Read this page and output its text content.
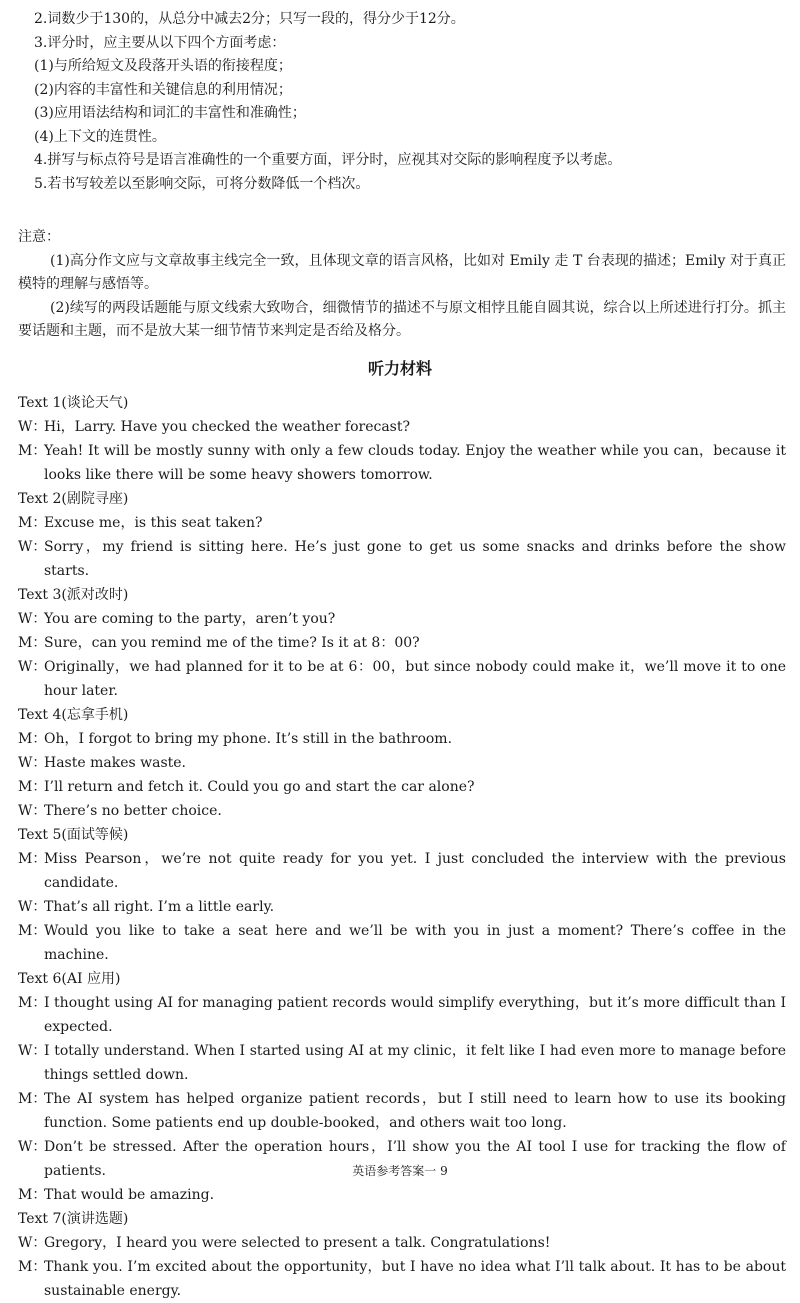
2.词数少于130的，从总分中减去2分；只写一段的，得分少于12分。
3.评分时，应主要从以下四个方面考虑：
(1)与所给短文及段落开头语的衔接程度；
(2)内容的丰富性和关键信息的利用情况；
(3)应用语法结构和词汇的丰富性和准确性；
(4)上下文的连贯性。
4.拼写与标点符号是语言准确性的一个重要方面，评分时，应视其对交际的影响程度予以考虑。
5.若书写较差以至影响交际，可将分数降低一个档次。
注意：
(1)高分作文应与文章故事主线完全一致，且体现文章的语言风格，比如对 Emily 走 T 台表现的描述；Emily 对于真正模特的理解与感悟等。
(2)续写的两段话题能与原文线索大致吻合，细微情节的描述不与原文相悖且能自圆其说，综合以上所述进行打分。抓主要话题和主题，而不是放大某一细节情节来判定是否给及格分。
听力材料
Text 1(谈论天气)
W：
Hi，Larry. Have you checked the weather forecast?
M：
Yeah! It will be mostly sunny with only a few clouds today. Enjoy the weather while you can，because it looks like there will be some heavy showers tomorrow.
Text 2(剧院寻座)
M：
Excuse me，is this seat taken?
W：
Sorry，my friend is sitting here. He’s just gone to get us some snacks and drinks before the show starts.
Text 3(派对改时)
W：
You are coming to the party，aren’t you?
M：
Sure，can you remind me of the time? Is it at 8：00?
W：
Originally，we had planned for it to be at 6：00，but since nobody could make it，we’ll move it to one hour later.
Text 4(忘拿手机)
M：
Oh，I forgot to bring my phone. It’s still in the bathroom.
W：
Haste makes waste.
M：
I’ll return and fetch it. Could you go and start the car alone?
W：
There’s no better choice.
Text 5(面试等候)
M：
Miss Pearson，we’re not quite ready for you yet. I just concluded the interview with the previous candidate.
W：
That’s all right. I’m a little early.
M：
Would you like to take a seat here and we’ll be with you in just a moment? There’s coffee in the machine.
Text 6(AI 应用)
M：
I thought using AI for managing patient records would simplify everything，but it’s more difficult than I expected.
W：
I totally understand. When I started using AI at my clinic，it felt like I had even more to manage before things settled down.
M：
The AI system has helped organize patient records，but I still need to learn how to use its booking function. Some patients end up double-booked，and others wait too long.
W：
Don’t be stressed. After the operation hours，I’ll show you the AI tool I use for tracking the flow of patients.
M：
That would be amazing.
Text 7(演讲选题)
W：
Gregory，I heard you were selected to present a talk. Congratulations!
M：
Thank you. I’m excited about the opportunity，but I have no idea what I’ll talk about. It has to be about sustainable energy.
英语参考答案一 9
